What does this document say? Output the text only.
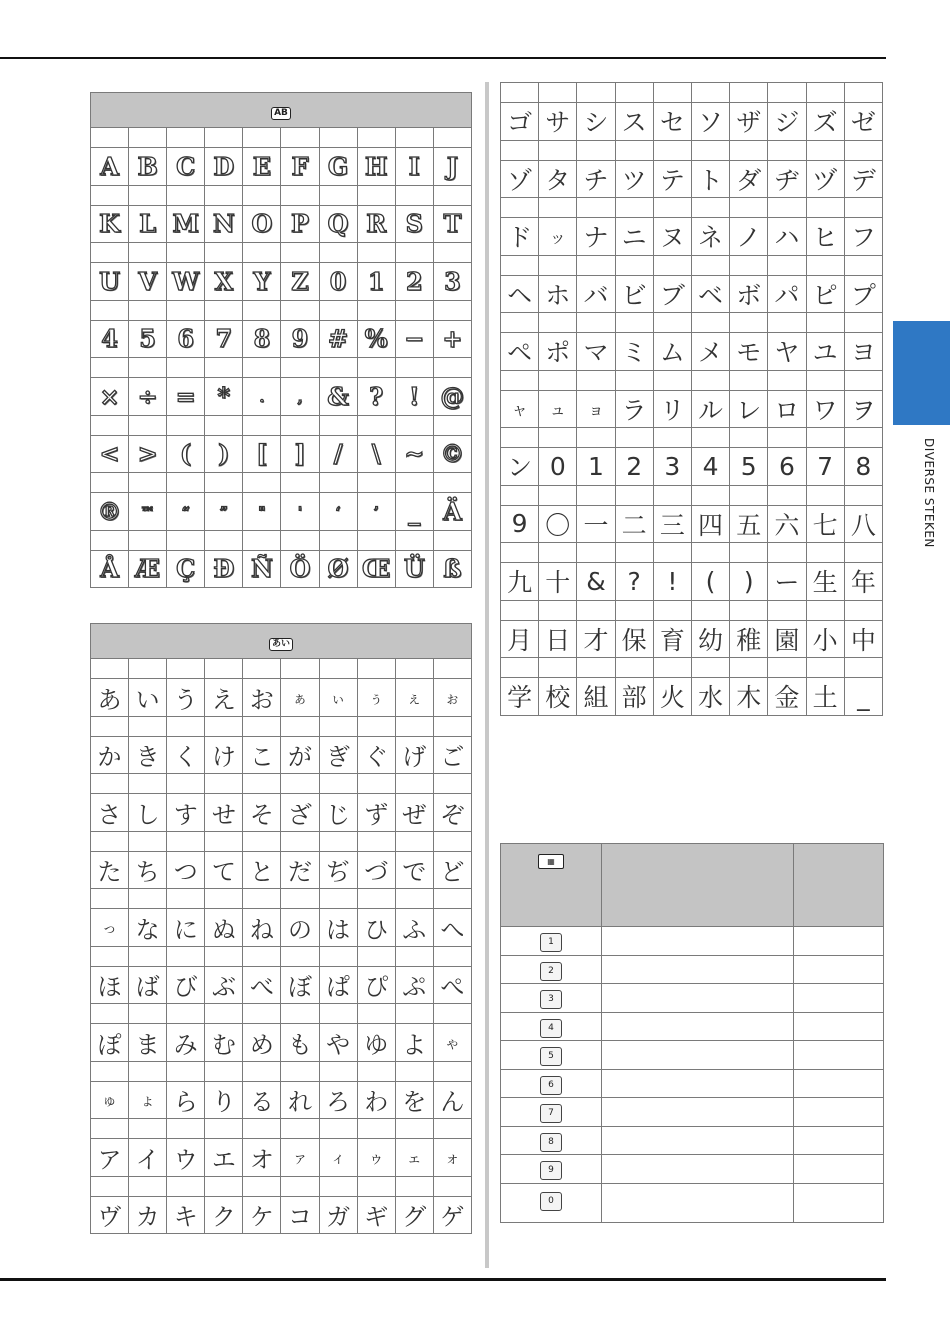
DIVERSE STEKEN
AB									

A	B	C	D	E	F	G	H	I	J

K	L	M	N	O	P	Q	R	S	T

U	V	W	X	Y	Z	0	1	2	3

4	5	6	7	8	9	#	%	−	+

×	÷	=	*	.	,	&	?	!	@

<	>	(	)	[	]	/	\	~	©

®	™	“	”	"	'	‘	’	_	Ä

Å	Æ	Ç	Ð	Ñ	Ö	Ø	Œ	Ü	ß
あい									

あ	い	う	え	お	ぁ	ぃ	ぅ	ぇ	ぉ

か	き	く	け	こ	が	ぎ	ぐ	げ	ご

さ	し	す	せ	そ	ざ	じ	ず	ぜ	ぞ

た	ち	つ	て	と	だ	ぢ	づ	で	ど

っ	な	に	ぬ	ね	の	は	ひ	ふ	へ

ほ	ば	び	ぶ	べ	ぼ	ぱ	ぴ	ぷ	ぺ

ぽ	ま	み	む	め	も	や	ゆ	よ	ゃ

ゅ	ょ	ら	り	る	れ	ろ	わ	を	ん

ア	イ	ウ	エ	オ	ァ	ィ	ゥ	ェ	ォ

ヴ	カ	キ	ク	ケ	コ	ガ	ギ	グ	ゲ

ゴ	サ	シ	ス	セ	ソ	ザ	ジ	ズ	ゼ

ゾ	タ	チ	ツ	テ	ト	ダ	ヂ	ヅ	デ

ド	ッ	ナ	ニ	ヌ	ネ	ノ	ハ	ヒ	フ

ヘ	ホ	バ	ビ	ブ	ベ	ボ	パ	ピ	プ

ペ	ポ	マ	ミ	ム	メ	モ	ヤ	ユ	ヨ

ャ	ュ	ョ	ラ	リ	ル	レ	ロ	ワ	ヲ

ン	0	1	2	3	4	5	6	7	8

9	〇	一	二	三	四	五	六	七	八

九	十	&	?	!	(	)	ー	生	年

月	日	才	保	育	幼	稚	園	小	中

学	校	組	部	火	水	木	金	土	_
▦		
1		
2		
3		
4		
5		
6		
7		
8		
9		
0		
